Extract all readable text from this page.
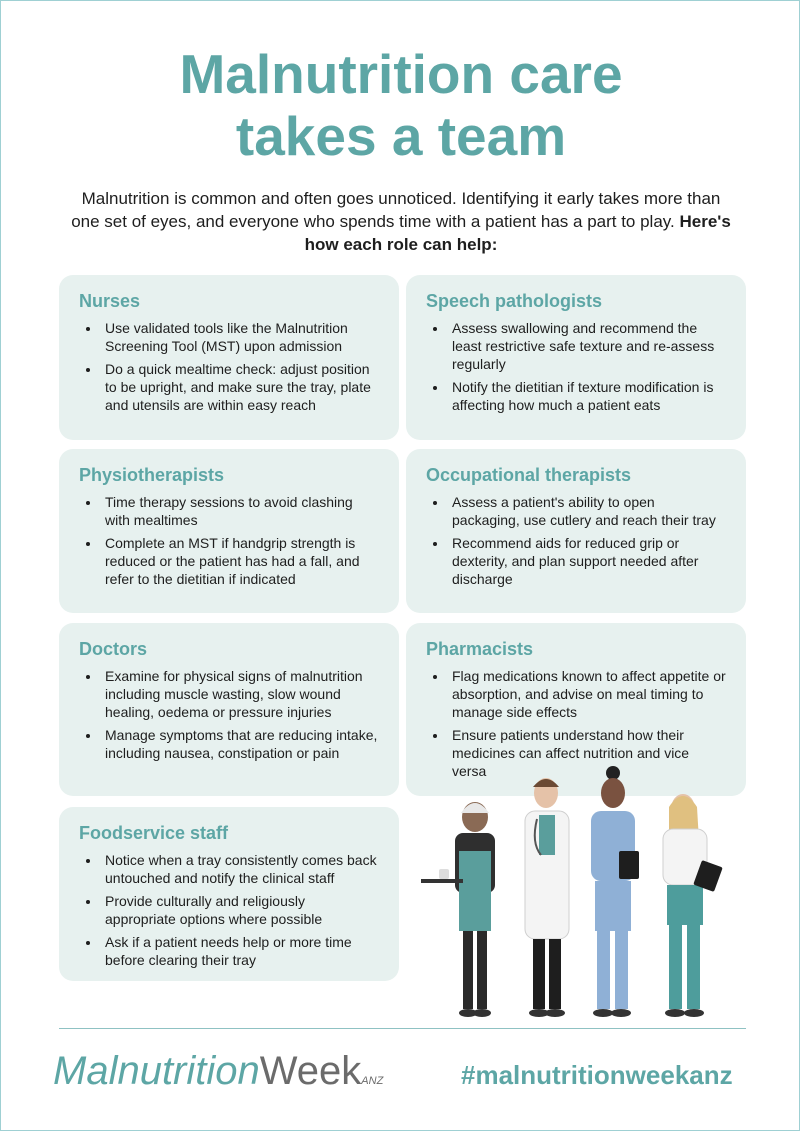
Malnutrition care
takes a team

Malnutrition is common and often goes unnoticed. Identifying it early takes more than one set of eyes, and everyone who spends time with a patient has a part to play. Here's how each role can help:

Nurses
• Use validated tools like the Malnutrition Screening Tool (MST) upon admission
• Do a quick mealtime check: adjust position to be upright, and make sure the tray, plate and utensils are within easy reach
Speech pathologists
• Assess swallowing and recommend the least restrictive safe texture and re-assess regularly
• Notify the dietitian if texture modification is affecting how much a patient eats
Physiotherapists
• Time therapy sessions to avoid clashing with mealtimes
• Complete an MST if handgrip strength is reduced or the patient has had a fall, and refer to the dietitian if indicated
Occupational therapists
• Assess a patient's ability to open packaging, use cutlery and reach their tray
• Recommend aids for reduced grip or dexterity, and plan support needed after discharge
Doctors
• Examine for physical signs of malnutrition including muscle wasting, slow wound healing, oedema or pressure injuries
• Manage symptoms that are reducing intake, including nausea, constipation or pain
Pharmacists
• Flag medications known to affect appetite or absorption, and advise on meal timing to manage side effects
• Ensure patients understand how their medicines can affect nutrition and vice versa
Foodservice staff
• Notice when a tray consistently comes back untouched and notify the clinical staff
• Provide culturally and religiously appropriate options where possible
• Ask if a patient needs help or more time before clearing their tray
MalnutritionWeekANZ	#malnutritionweekanz
